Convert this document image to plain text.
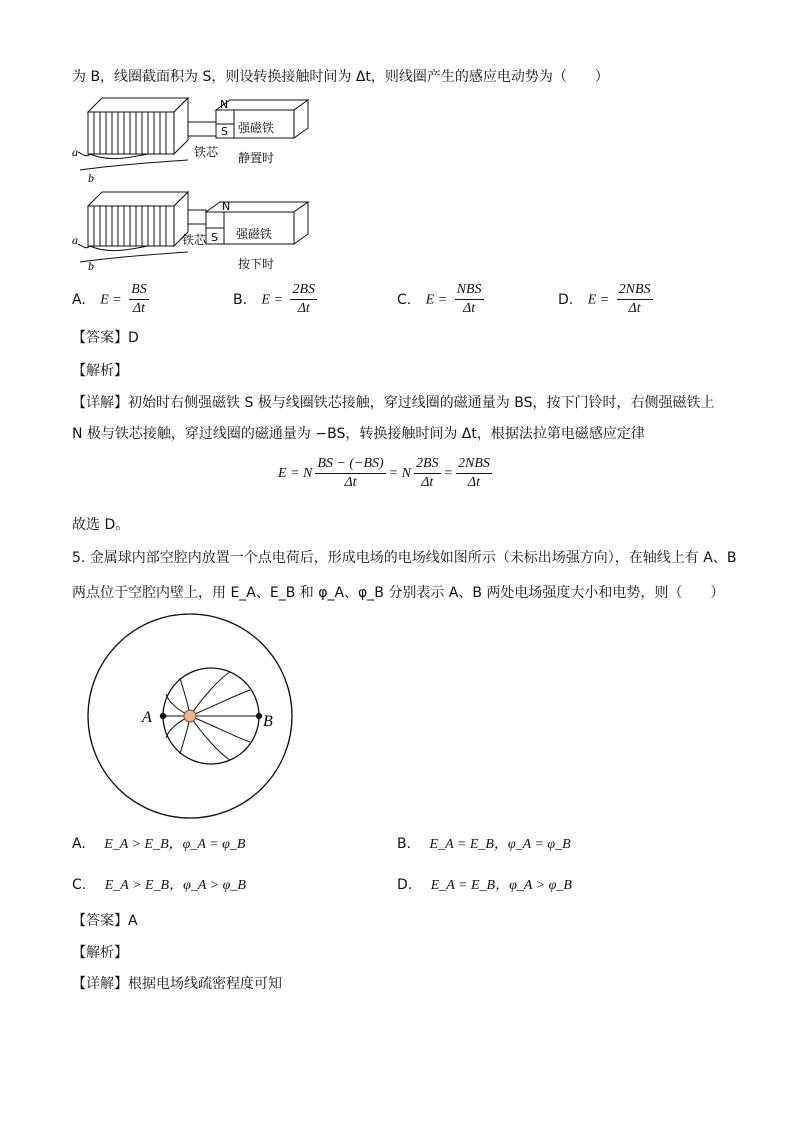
为 B，线圈截面积为 S，则设转换接触时间为 Δt，则线圈产生的感应电动势为（　　）
N
S 强磁铁
铁芯 静置时
a
b
N
S 强磁铁
铁芯
按下时
a
b
A. $E = \frac{BS}{\Delta t}$	B. $E = \frac{2BS}{\Delta t}$	C. $E = \frac{\text{NBS}}{\Delta t}$	D. $E = \frac{\text{2NBS}}{\Delta t}$
【答案】D
【解析】
【详解】初始时右侧强磁铁 S 极与线圈铁芯接触，穿过线圈的磁通量为 BS，按下门铃时，右侧强磁铁上
N 极与铁芯接触，穿过线圈的磁通量为 −BS，转换接触时间为 Δt，根据法拉第电磁感应定律
E = N $\frac{BS - (-BS)}{\Delta t} = N \frac{2BS}{\Delta t} = \frac{\text{2NBS}}{\Delta t}$
故选 D。
5. 金属球内部空腔内放置一个点电荷后，形成电场的电场线如图所示（未标出场强方向），在轴线上有 A、B
两点位于空腔内壁上，用 E_A、E_B 和 φ_A、φ_B 分别表示 A、B 两处电场强度大小和电势，则（　　）
A	B
A. E_A > E_B，φ_A = φ_B	B. E_A = E_B，φ_A = φ_B
C. E_A > E_B，φ_A > φ_B	D. E_A = E_B，φ_A > φ_B
【答案】A
【解析】
【详解】根据电场线疏密程度可知
